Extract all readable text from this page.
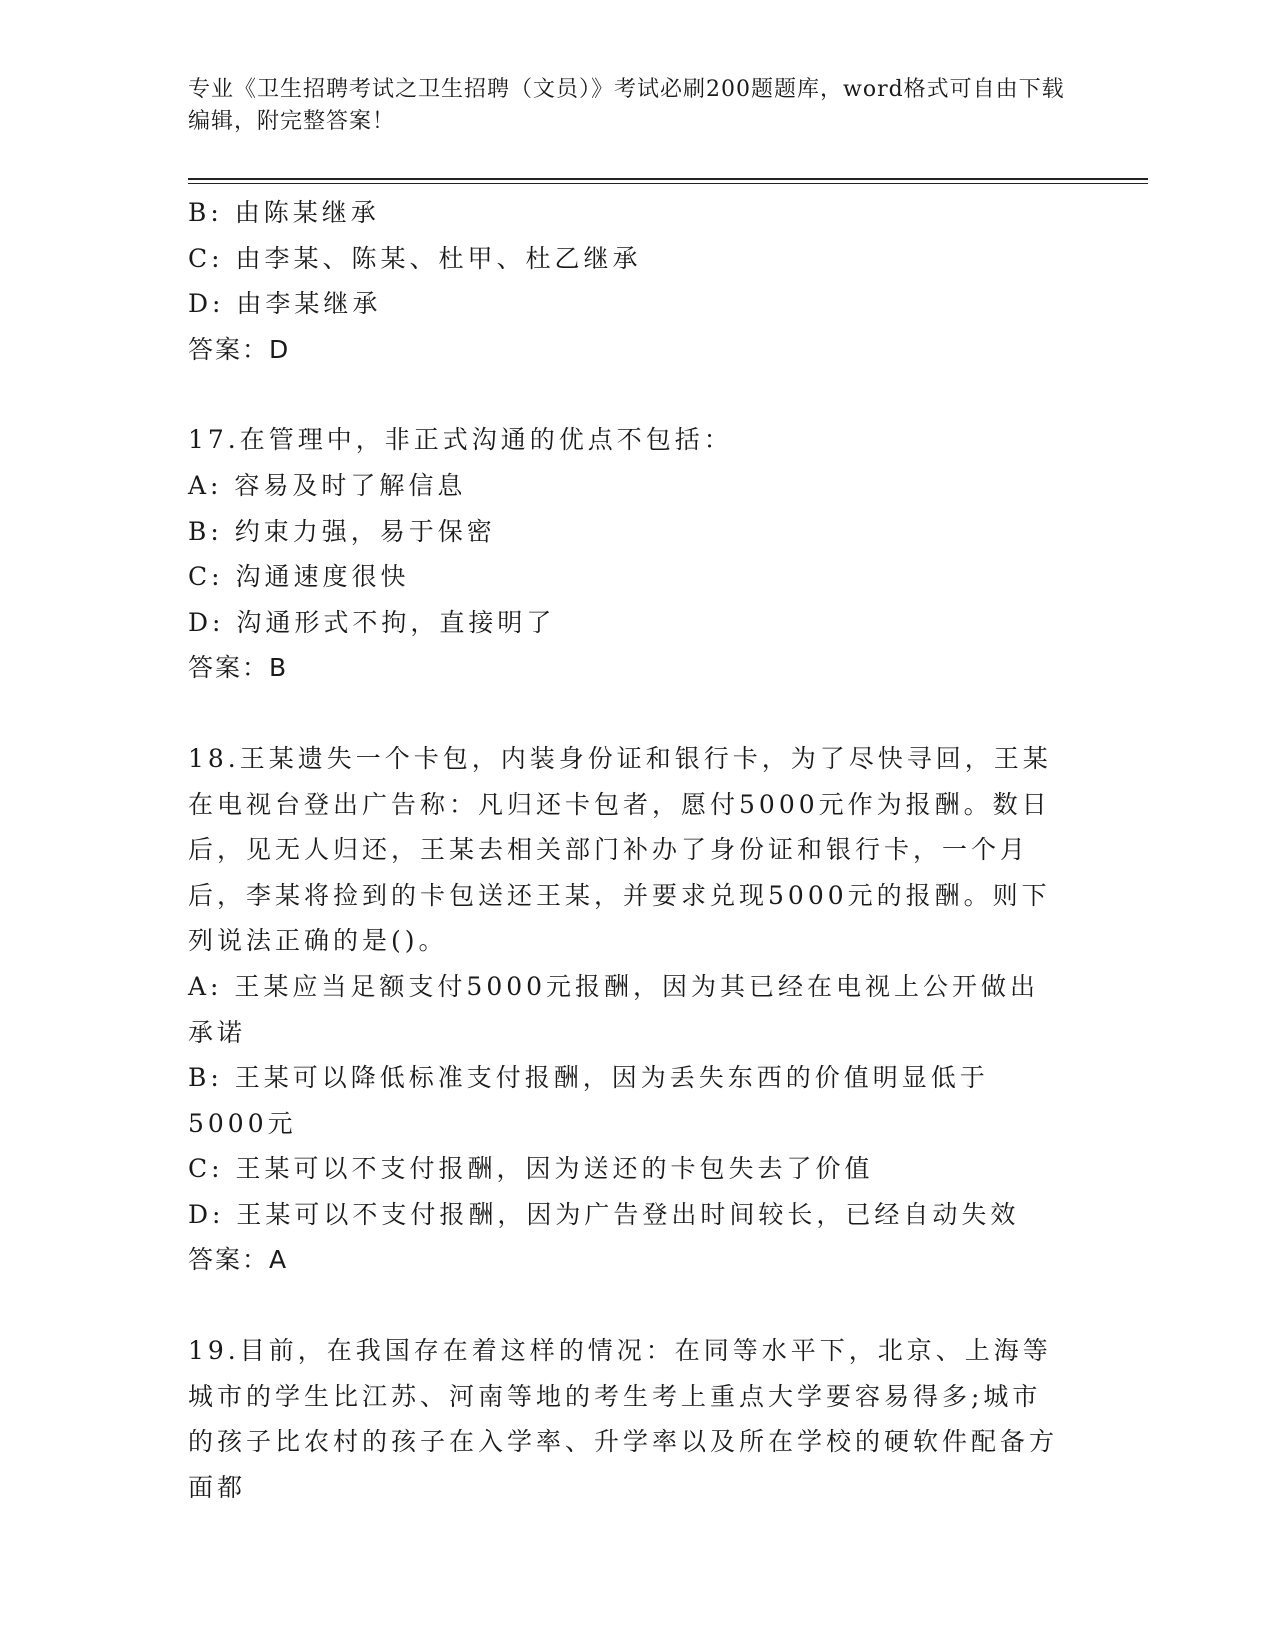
专业《卫生招聘考试之卫生招聘（文员）》考试必刷200题题库，word格式可自由下载编辑，附完整答案！

B: 由陈某继承

C: 由李某、陈某、杜甲、杜乙继承

D: 由李某继承

答案：D

17.在管理中，非正式沟通的优点不包括：

A: 容易及时了解信息

B: 约束力强，易于保密

C: 沟通速度很快

D: 沟通形式不拘，直接明了

答案：B

18.王某遗失一个卡包，内装身份证和银行卡，为了尽快寻回，王某在电视台登出广告称：凡归还卡包者，愿付5000元作为报酬。数日后，见无人归还，王某去相关部门补办了身份证和银行卡，一个月后，李某将捡到的卡包送还王某，并要求兑现5000元的报酬。则下列说法正确的是()。

A: 王某应当足额支付5000元报酬，因为其已经在电视上公开做出承诺

B: 王某可以降低标准支付报酬，因为丢失东西的价值明显低于5000元

C: 王某可以不支付报酬，因为送还的卡包失去了价值

D: 王某可以不支付报酬，因为广告登出时间较长，已经自动失效

答案：A

19.目前，在我国存在着这样的情况：在同等水平下，北京、上海等城市的学生比江苏、河南等地的考生考上重点大学要容易得多;城市的孩子比农村的孩子在入学率、升学率以及所在学校的硬软件配备方面都
